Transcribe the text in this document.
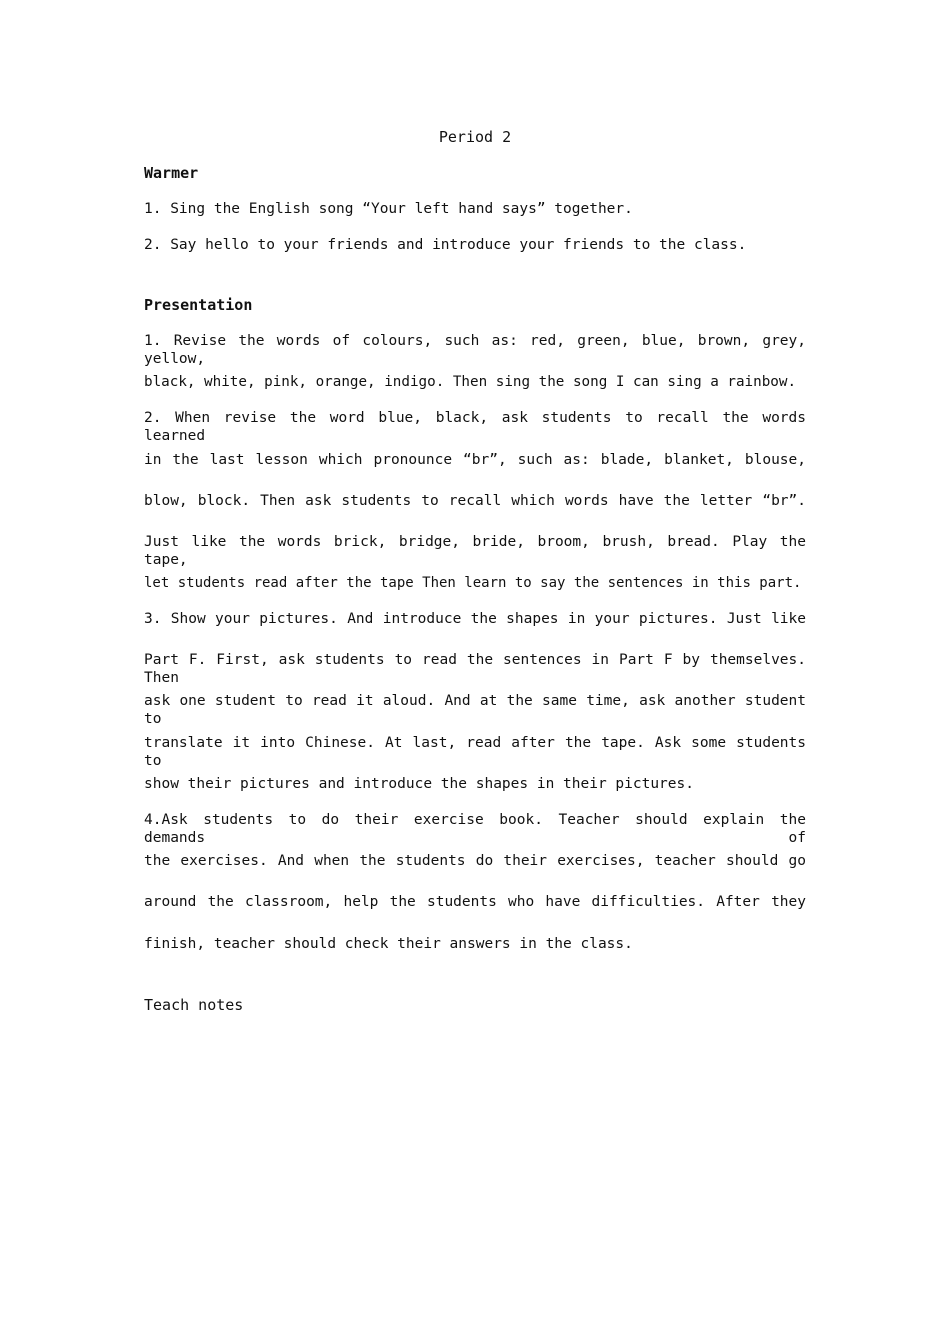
Period 2
Warmer
1. Sing the English song “Your left hand says” together.
2. Say hello to your friends and introduce your friends to the class.
Presentation
1. Revise the words of colours, such as: red, green, blue, brown, grey, yellow,
black, white, pink, orange, indigo. Then sing the song I can sing a rainbow.
2. When revise the word blue, black, ask students to recall the words learned
in the last lesson which pronounce “br”, such as: blade, blanket, blouse,
blow, block. Then ask students to recall which words have the letter “br”.
Just like the words brick, bridge, bride, broom, brush, bread. Play the tape,
let students read after the tape Then learn to say the sentences in this part.
3. Show your pictures. And introduce the shapes in your pictures. Just like
Part F. First, ask students to read the sentences in Part F by themselves. Then
ask one student to read it aloud. And at the same time, ask another student to
translate it into Chinese. At last, read after the tape. Ask some students to
show their pictures and introduce the shapes in their pictures.
4.Ask students to do their exercise book. Teacher should explain the demands of
the exercises. And when the students do their exercises, teacher should go
around the classroom, help the students who have difficulties. After they
finish, teacher should check their answers in the class.
Teach notes
